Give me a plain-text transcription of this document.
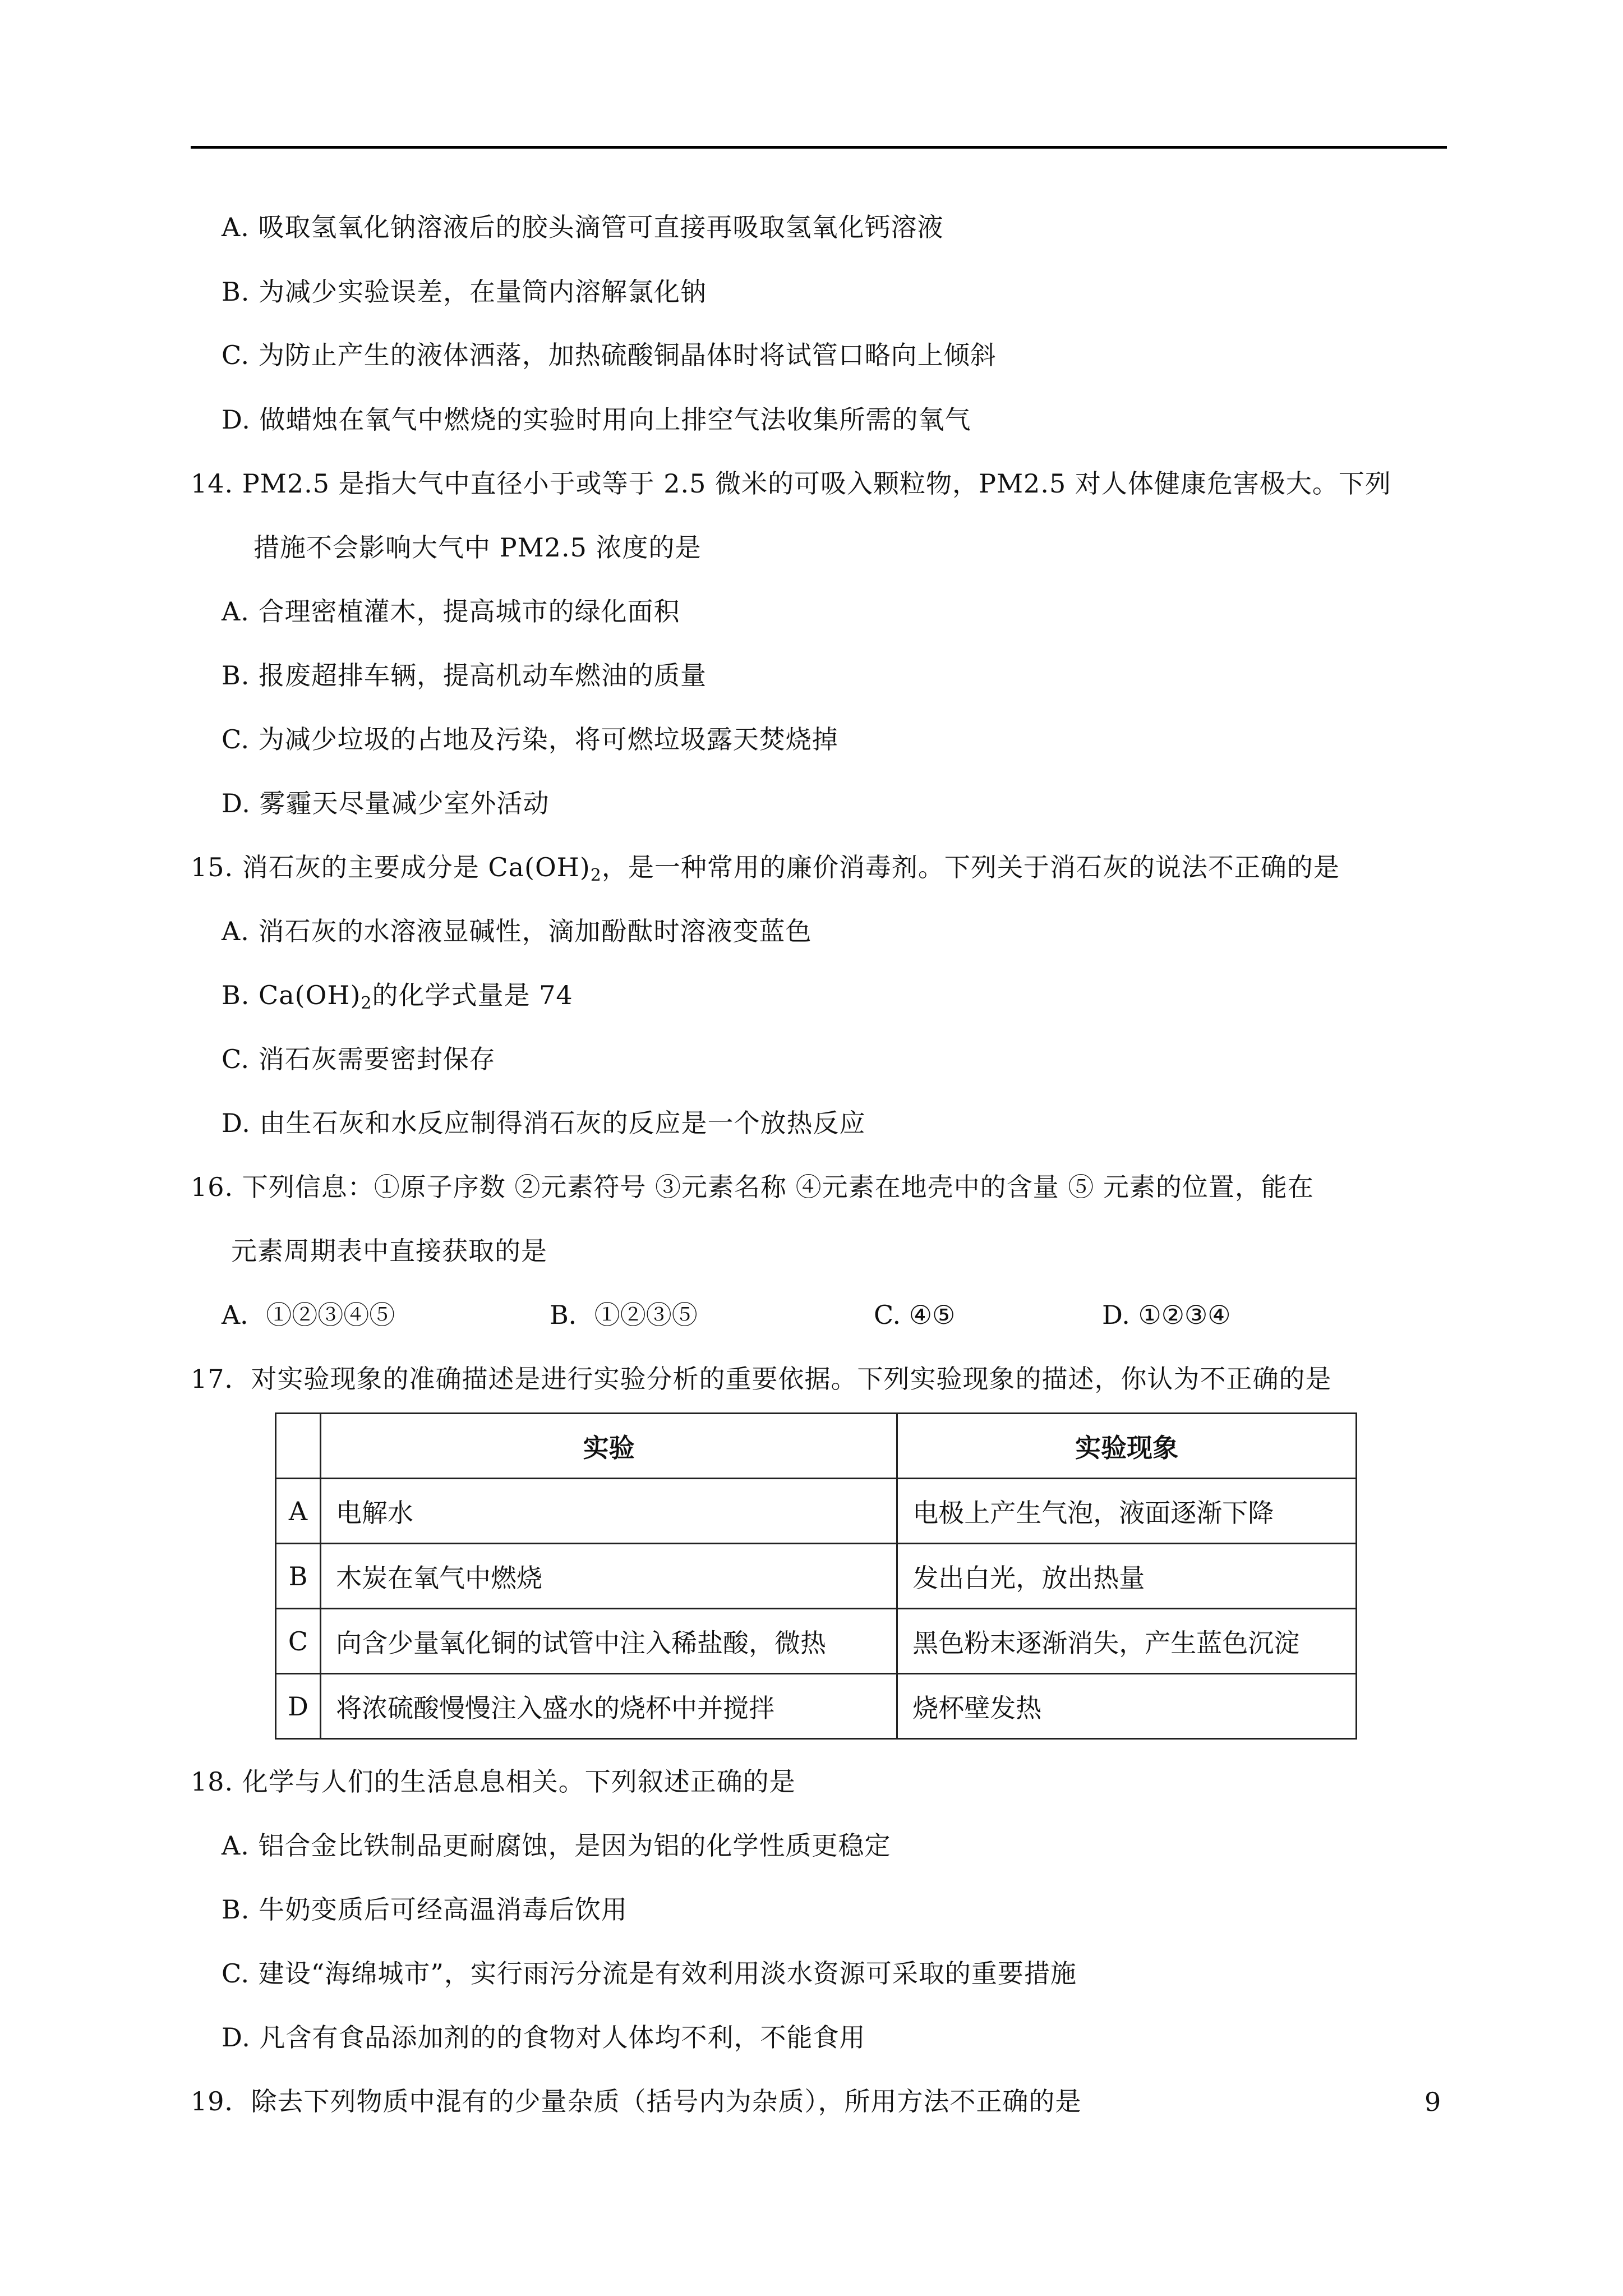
A. 吸取氢氧化钠溶液后的胶头滴管可直接再吸取氢氧化钙溶液
B. 为减少实验误差，在量筒内溶解氯化钠
C. 为防止产生的液体洒落，加热硫酸铜晶体时将试管口略向上倾斜
D. 做蜡烛在氧气中燃烧的实验时用向上排空气法收集所需的氧气
14. PM2.5 是指大气中直径小于或等于 2.5 微米的可吸入颗粒物，PM2.5 对人体健康危害极大。下列
措施不会影响大气中 PM2.5 浓度的是
A. 合理密植灌木，提高城市的绿化面积
B. 报废超排车辆，提高机动车燃油的质量
C. 为减少垃圾的占地及污染，将可燃垃圾露天焚烧掉
D. 雾霾天尽量减少室外活动
15. 消石灰的主要成分是 $Ca(OH)_2$，是一种常用的廉价消毒剂。下列关于消石灰的说法不正确的是
A. 消石灰的水溶液显碱性，滴加酚酞时溶液变蓝色
B. $Ca(OH)_2$的化学式量是 74
C. 消石灰需要密封保存
D. 由生石灰和水反应制得消石灰的反应是一个放热反应
16. 下列信息：①原子序数 ②元素符号 ③元素名称 ④元素在地壳中的含量 ⑤ 元素的位置，能在
元素周期表中直接获取的是
A．①②③④⑤	B．①②③⑤	C. ④⑤	D. ①②③④
17．对实验现象的准确描述是进行实验分析的重要依据。下列实验现象的描述，你认为不正确的是
	实验	实验现象
A	电解水	电极上产生气泡，液面逐渐下降
B	木炭在氧气中燃烧	发出白光，放出热量
C	向含少量氧化铜的试管中注入稀盐酸，微热	黑色粉末逐渐消失，产生蓝色沉淀
D	将浓硫酸慢慢注入盛水的烧杯中并搅拌	烧杯壁发热
18. 化学与人们的生活息息相关。下列叙述正确的是
A. 铝合金比铁制品更耐腐蚀，是因为铝的化学性质更稳定
B. 牛奶变质后可经高温消毒后饮用
C. 建设“海绵城市”，实行雨污分流是有效利用淡水资源可采取的重要措施
D. 凡含有食品添加剂的的食物对人体均不利，不能食用
19．除去下列物质中混有的少量杂质（括号内为杂质），所用方法不正确的是	9
